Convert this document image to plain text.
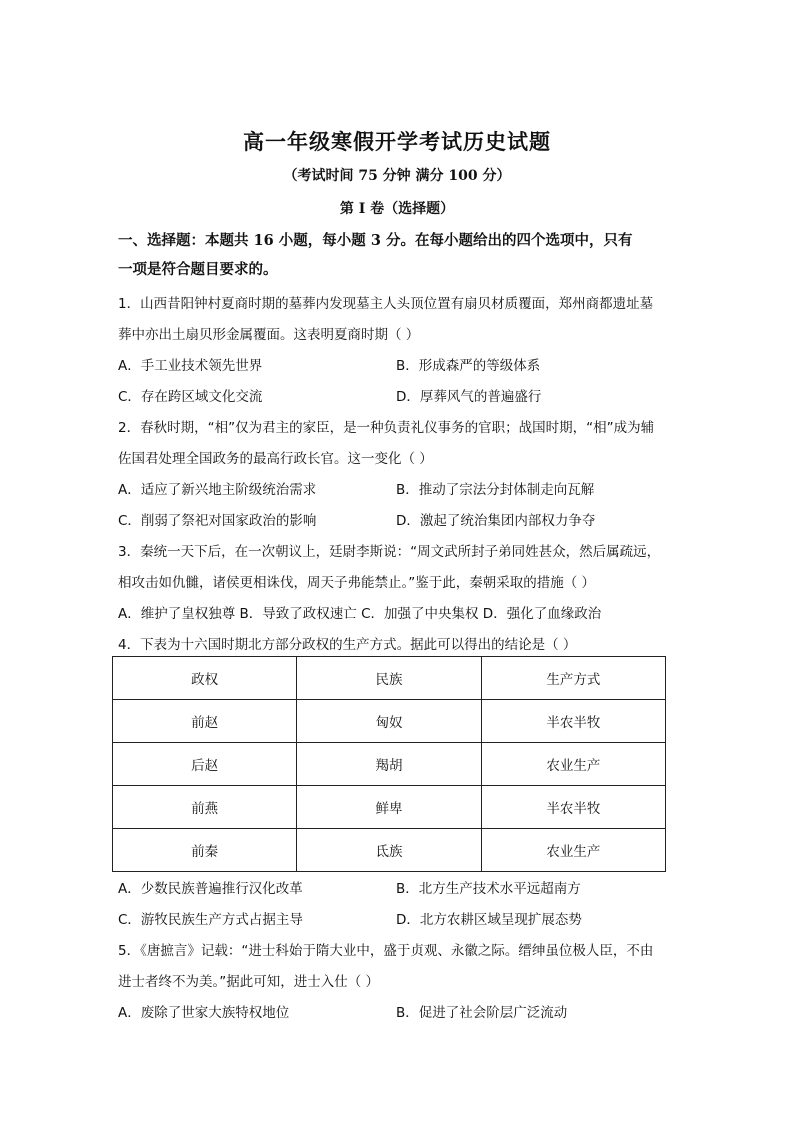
高一年级寒假开学考试历史试题
（考试时间 75 分钟 满分 100 分）
第 I 卷（选择题）
一、选择题：本题共 16 小题，每小题 3 分。在每小题给出的四个选项中，只有
一项是符合题目要求的。
1．山西昔阳钟村夏商时期的墓葬内发现墓主人头顶位置有扇贝材质覆面，郑州商都遗址墓
葬中亦出土扇贝形金属覆面。这表明夏商时期（ ）
A．手工业技术领先世界	B．形成森严的等级体系
C．存在跨区域文化交流	D．厚葬风气的普遍盛行
2．春秋时期，“相”仅为君主的家臣，是一种负责礼仪事务的官职；战国时期，“相”成为辅
佐国君处理全国政务的最高行政长官。这一变化（ ）
A．适应了新兴地主阶级统治需求	B．推动了宗法分封体制走向瓦解
C．削弱了祭祀对国家政治的影响	D．激起了统治集团内部权力争夺
3．秦统一天下后，在一次朝议上，廷尉李斯说：“周文武所封子弟同姓甚众，然后属疏远，
相攻击如仇雠，诸侯更相诛伐，周天子弗能禁止。”鉴于此，秦朝采取的措施（ ）
A．维护了皇权独尊 B．导致了政权速亡 C．加强了中央集权 D．强化了血缘政治
4．下表为十六国时期北方部分政权的生产方式。据此可以得出的结论是（ ）
政权	民族	生产方式
前赵	匈奴	半农半牧
后赵	羯胡	农业生产
前燕	鲜卑	半农半牧
前秦	氐族	农业生产
A．少数民族普遍推行汉化改革	B．北方生产技术水平远超南方
C．游牧民族生产方式占据主导	D．北方农耕区域呈现扩展态势
5．《唐摭言》记载：“进士科始于隋大业中，盛于贞观、永徽之际。缙绅虽位极人臣，不由
进士者终不为美。”据此可知，进士入仕（ ）
A．废除了世家大族特权地位	B．促进了社会阶层广泛流动
